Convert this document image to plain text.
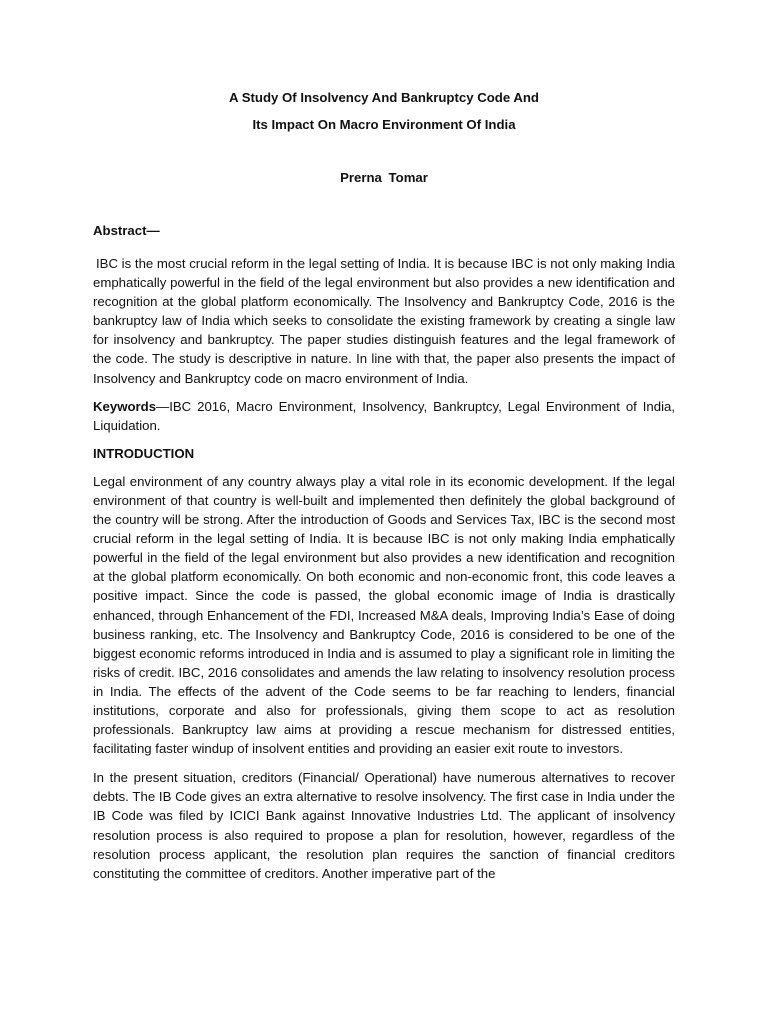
A Study Of Insolvency And Bankruptcy Code And
Its Impact On Macro Environment Of India
Prerna Tomar
Abstract—

IBC is the most crucial reform in the legal setting of India. It is because IBC is not only making India emphatically powerful in the field of the legal environment but also provides a new identification and recognition at the global platform economically. The Insolvency and Bankruptcy Code, 2016 is the bankruptcy law of India which seeks to consolidate the existing framework by creating a single law for insolvency and bankruptcy. The paper studies distinguish features and the legal framework of the code. The study is descriptive in nature. In line with that, the paper also presents the impact of Insolvency and Bankruptcy code on macro environment of India.

Keywords—IBC 2016, Macro Environment, Insolvency, Bankruptcy, Legal Environment of India, Liquidation.

INTRODUCTION

Legal environment of any country always play a vital role in its economic development. If the legal environment of that country is well-built and implemented then definitely the global background of the country will be strong. After the introduction of Goods and Services Tax, IBC is the second most crucial reform in the legal setting of India. It is because IBC is not only making India emphatically powerful in the field of the legal environment but also provides a new identification and recognition at the global platform economically. On both economic and non-economic front, this code leaves a positive impact. Since the code is passed, the global economic image of India is drastically enhanced, through Enhancement of the FDI, Increased M&A deals, Improving India’s Ease of doing business ranking, etc. The Insolvency and Bankruptcy Code, 2016 is considered to be one of the biggest economic reforms introduced in India and is assumed to play a significant role in limiting the risks of credit. IBC, 2016 consolidates and amends the law relating to insolvency resolution process in India. The effects of the advent of the Code seems to be far reaching to lenders, financial institutions, corporate and also for professionals, giving them scope to act as resolution professionals. Bankruptcy law aims at providing a rescue mechanism for distressed entities, facilitating faster windup of insolvent entities and providing an easier exit route to investors.

In the present situation, creditors (Financial/ Operational) have numerous alternatives to recover debts. The IB Code gives an extra alternative to resolve insolvency. The first case in India under the IB Code was filed by ICICI Bank against Innovative Industries Ltd. The applicant of insolvency resolution process is also required to propose a plan for resolution, however, regardless of the resolution process applicant, the resolution plan requires the sanction of financial creditors constituting the committee of creditors. Another imperative part of the
